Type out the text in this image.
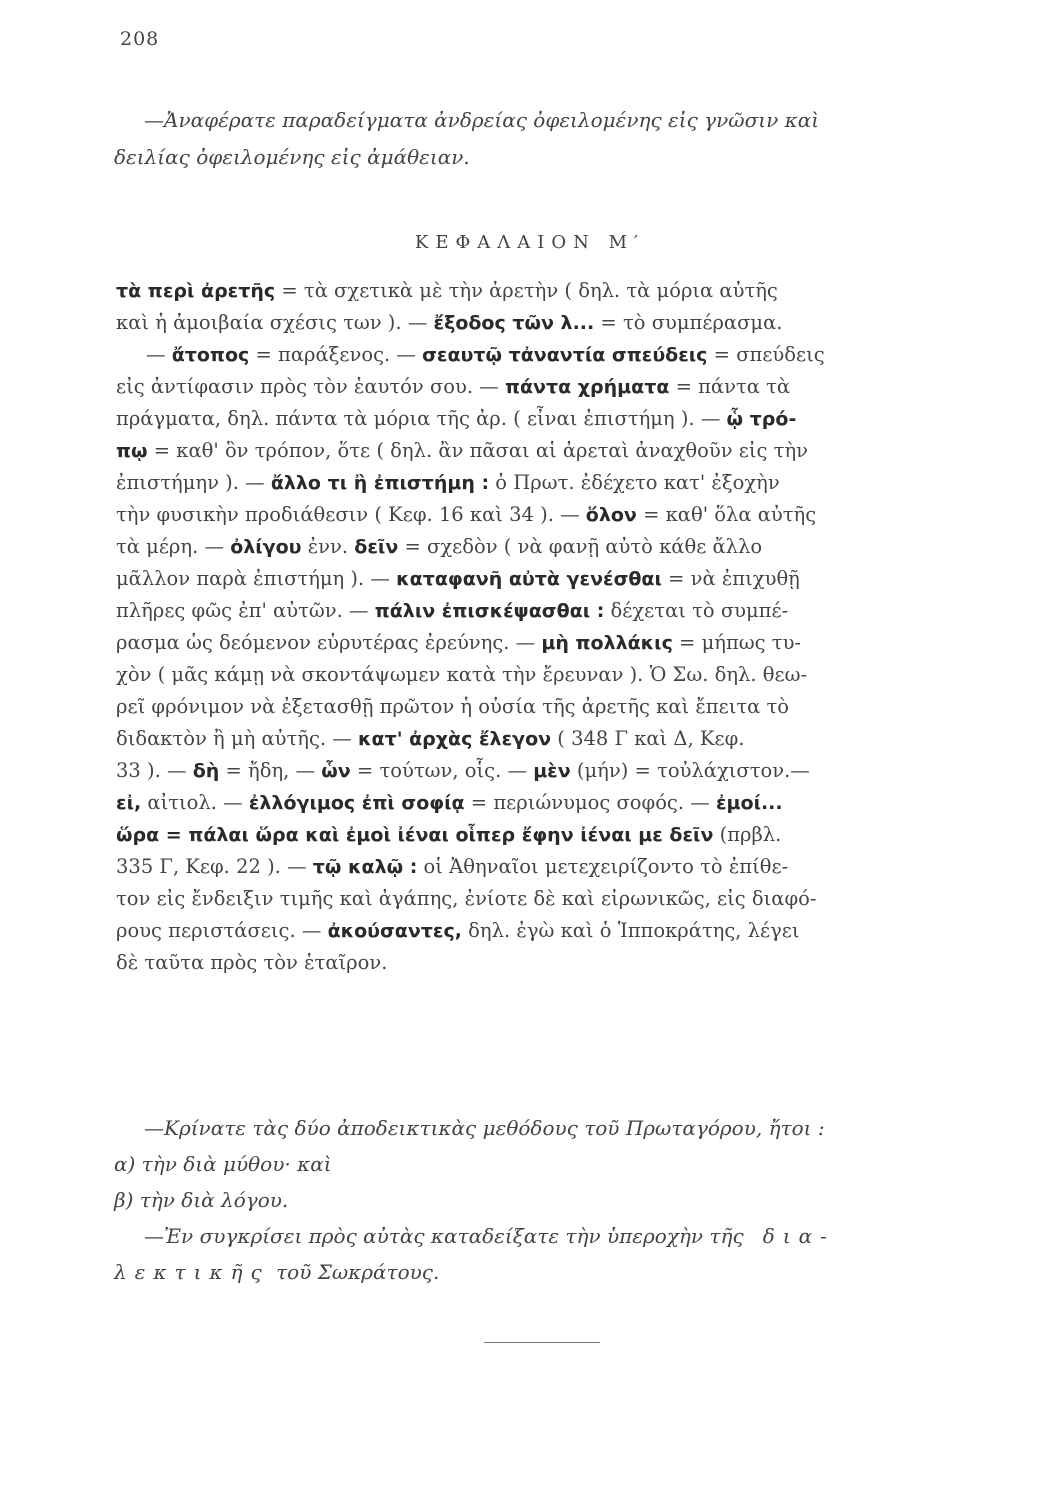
208
—Ἀναφέρατε παραδείγματα ἀνδρείας ὀφειλομένης εἰς γνῶσιν καὶ
δειλίας ὀφειλομένης εἰς ἀμάθειαν.
ΚΕΦΑΛΑΙΟΝ Μ′
τὰ περὶ ἀρετῆς = τὰ σχετικὰ μὲ τὴν ἀρετὴν ( δηλ. τὰ μόρια αὐτῆς
καὶ ἡ ἀμοιβαία σχέσις των ). — ἔξοδος τῶν λ... = τὸ συμπέρασμα.
— ἄτοπος = παράξενος. — σεαυτῷ τἀναντία σπεύδεις = σπεύδεις
εἰς ἀντίφασιν πρὸς τὸν ἑαυτόν σου. — πάντα χρήματα = πάντα τὰ
πράγματα, δηλ. πάντα τὰ μόρια τῆς ἀρ. ( εἶναι ἐπιστήμη ). — ᾧ τρό-
πῳ = καθ' ὃν τρόπον, ὅτε ( δηλ. ἂν πᾶσαι αἱ ἀρεταὶ ἀναχθοῦν εἰς τὴν
ἐπιστήμην ). — ἄλλο τι ἢ ἐπιστήμη : ὁ Πρωτ. ἐδέχετο κατ' ἐξοχὴν
τὴν φυσικὴν προδιάθεσιν ( Κεφ. 16 καὶ 34 ). — ὅλον = καθ' ὅλα αὐτῆς
τὰ μέρη. — ὀλίγου ἐνν. δεῖν = σχεδὸν ( νὰ φανῇ αὐτὸ κάθε ἄλλο
μᾶλλον παρὰ ἐπιστήμη ). — καταφανῆ αὐτὰ γενέσθαι = νὰ ἐπιχυθῇ
πλῆρες φῶς ἐπ' αὐτῶν. — πάλιν ἐπισκέψασθαι : δέχεται τὸ συμπέ-
ρασμα ὡς δεόμενον εὐρυτέρας ἐρεύνης. — μὴ πολλάκις = μήπως τυ-
χὸν ( μᾶς κάμῃ νὰ σκοντάψωμεν κατὰ τὴν ἔρευναν ). Ὁ Σω. δηλ. θεω-
ρεῖ φρόνιμον νὰ ἐξετασθῇ πρῶτον ἡ οὐσία τῆς ἀρετῆς καὶ ἔπειτα τὸ
διδακτὸν ἢ μὴ αὐτῆς. — κατ' ἀρχὰς ἔλεγον ( 348 Γ καὶ Δ, Κεφ.
33 ). — δὴ = ἤδη, — ὧν = τούτων, οἷς. — μὲν (μήν) = τοὐλάχιστον.—
εἰ, αἰτιολ. — ἐλλόγιμος ἐπὶ σοφίᾳ = περιώνυμος σοφός. — ἐμοί...
ὥρα = πάλαι ὥρα καὶ ἐμοὶ ἰέναι οἷπερ ἔφην ἰέναι με δεῖν (πρβλ.
335 Γ, Κεφ. 22 ). — τῷ καλῷ : οἱ Ἀθηναῖοι μετεχειρίζοντο τὸ ἐπίθε-
τον εἰς ἔνδειξιν τιμῆς καὶ ἀγάπης, ἐνίοτε δὲ καὶ εἰρωνικῶς, εἰς διαφό-
ρους περιστάσεις. — ἀκούσαντες, δηλ. ἐγὼ καὶ ὁ Ἱπποκράτης, λέγει
δὲ ταῦτα πρὸς τὸν ἑταῖρον.
—Κρίνατε τὰς δύο ἀποδεικτικὰς μεθόδους τοῦ Πρωταγόρου, ἤτοι :
α) τὴν διὰ μύθου· καὶ
β) τὴν διὰ λόγου.
—Ἐν συγκρίσει πρὸς αὐτὰς καταδείξατε τὴν ὑπεροχὴν τῆς δια-
λεκτικῆς τοῦ Σωκράτους.
